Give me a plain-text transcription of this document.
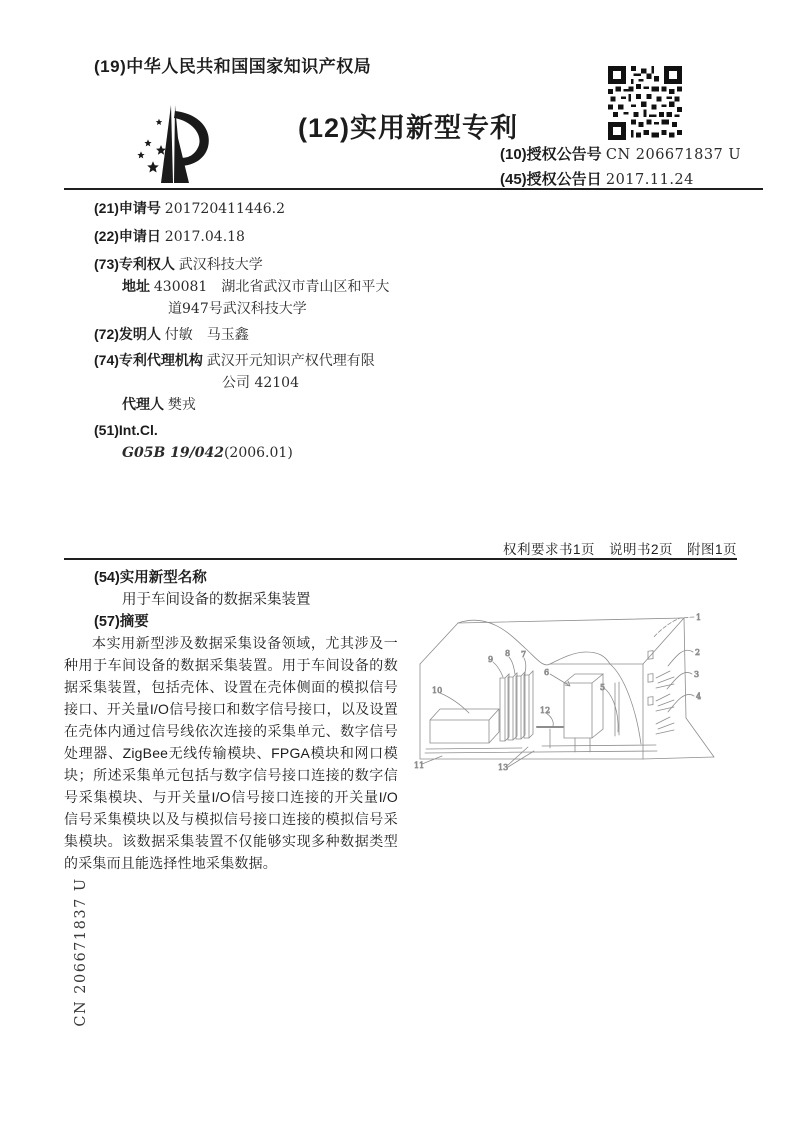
(19)中华人民共和国国家知识产权局
(12)实用新型专利
(10)授权公告号 CN 206671837 U
(45)授权公告日 2017.11.24
(21)申请号 201720411446.2
(22)申请日 2017.04.18
(73)专利权人 武汉科技大学
地址 430081　湖北省武汉市青山区和平大
道947号武汉科技大学
(72)发明人 付敏　马玉鑫
(74)专利代理机构 武汉开元知识产权代理有限
公司 42104
代理人 樊戎
(51)Int.Cl.
G05B 19/042(2006.01)
权利要求书1页　说明书2页　附图1页
(54)实用新型名称
用于车间设备的数据采集装置
(57)摘要
本实用新型涉及数据采集设备领域，尤其涉及一种用于车间设备的数据采集装置。用于车间设备的数据采集装置，包括壳体、设置在壳体侧面的模拟信号接口、开关量I/O信号接口和数字信号接口，以及设置在壳体内通过信号线依次连接的采集单元、数字信号处理器、ZigBee无线传输模块、FPGA模块和网口模块；所述采集单元包括与数字信号接口连接的数字信号采集模块、与开关量I/O信号接口连接的开关量I/O信号采集模块以及与模拟信号接口连接的模拟信号采集模块。该数据采集装置不仅能够实现多种数据类型的采集而且能选择性地采集数据。
1
2
3
4
5
6
7
8
9
10
11
12
13
CN 206671837 U
